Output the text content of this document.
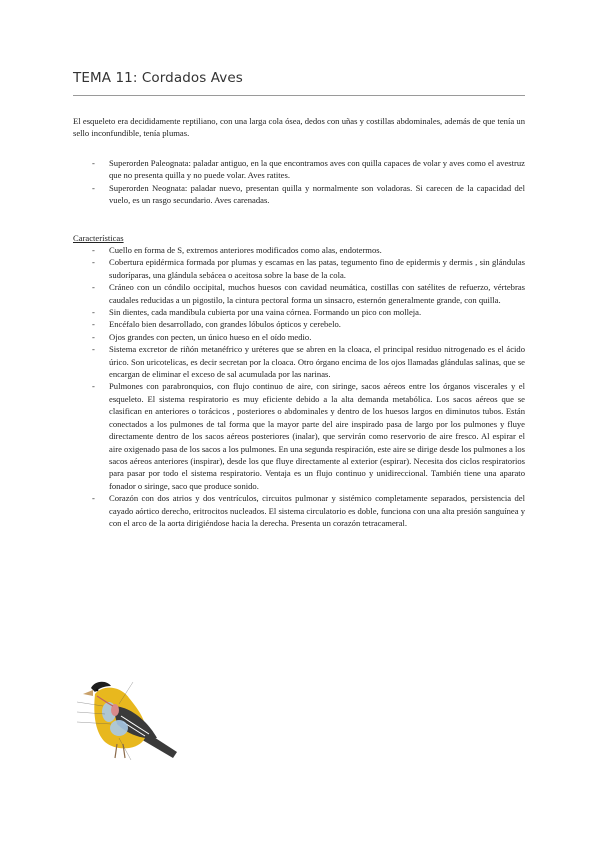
TEMA 11: Cordados Aves

El esqueleto era decididamente reptiliano, con una larga cola ósea, dedos con uñas y costillas abdominales, además de que tenía un sello inconfundible, tenía plumas.

- Superorden Paleognata: paladar antiguo, en la que encontramos aves con quilla capaces de volar y aves como el avestruz que no presenta quilla y no puede volar. Aves ratites.
- Superorden Neognata: paladar nuevo, presentan quilla y normalmente son voladoras. Si carecen de la capacidad del vuelo, es un rasgo secundario. Aves carenadas.
Características
- Cuello en forma de S, extremos anteriores modificados como alas, endotermos.
- Cobertura epidérmica formada por plumas y escamas en las patas, tegumento fino de epidermis y dermis , sin glándulas sudoríparas, una glándula sebácea o aceitosa sobre la base de la cola.
- Cráneo con un cóndilo occipital, muchos huesos con cavidad neumática, costillas con satélites de refuerzo, vértebras caudales reducidas a un pigostilo, la cintura pectoral forma un sinsacro, esternón generalmente grande, con quilla.
- Sin dientes, cada mandíbula cubierta por una vaina córnea. Formando un pico con molleja.
- Encéfalo bien desarrollado, con grandes lóbulos ópticos y cerebelo.
- Ojos grandes con pecten, un único hueso en el oído medio.
- Sistema excretor de riñón metanéfrico y uréteres que se abren en la cloaca, el principal residuo nitrogenado es el ácido úrico. Son uricotelicas, es decir secretan por la cloaca. Otro órgano encima de los ojos llamadas glándulas salinas, que se encargan de eliminar el exceso de sal acumulada por las narinas.
- Pulmones con parabronquios, con flujo continuo de aire, con siringe, sacos aéreos entre los órganos viscerales y el esqueleto. El sistema respiratorio es muy eficiente debido a la alta demanda metabólica. Los sacos aéreos que se clasifican en anteriores o torácicos , posteriores o abdominales y dentro de los huesos largos en diminutos tubos. Están conectados a los pulmones de tal forma que la mayor parte del aire inspirado pasa de largo por los pulmones y fluye directamente dentro de los sacos aéreos posteriores (inalar), que servirán como reservorio de aire fresco. Al espirar el aire oxigenado pasa de los sacos a los pulmones. En una segunda respiración, este aire se dirige desde los pulmones a los sacos aéreos anteriores (inspirar), desde los que fluye directamente al exterior (espirar). Necesita dos ciclos respiratorios para pasar por todo el sistema respiratorio. Ventaja es un flujo continuo y unidireccional. También tiene una aparato fonador o siringe, saco que produce sonido.
- Corazón con dos atrios y dos ventrículos, circuitos pulmonar y sistémico completamente separados, persistencia del cayado aórtico derecho, eritrocitos nucleados. El sistema circulatorio es doble, funciona con una alta presión sanguínea y con el arco de la aorta dirigiéndose hacia la derecha. Presenta un corazón tetracameral.
